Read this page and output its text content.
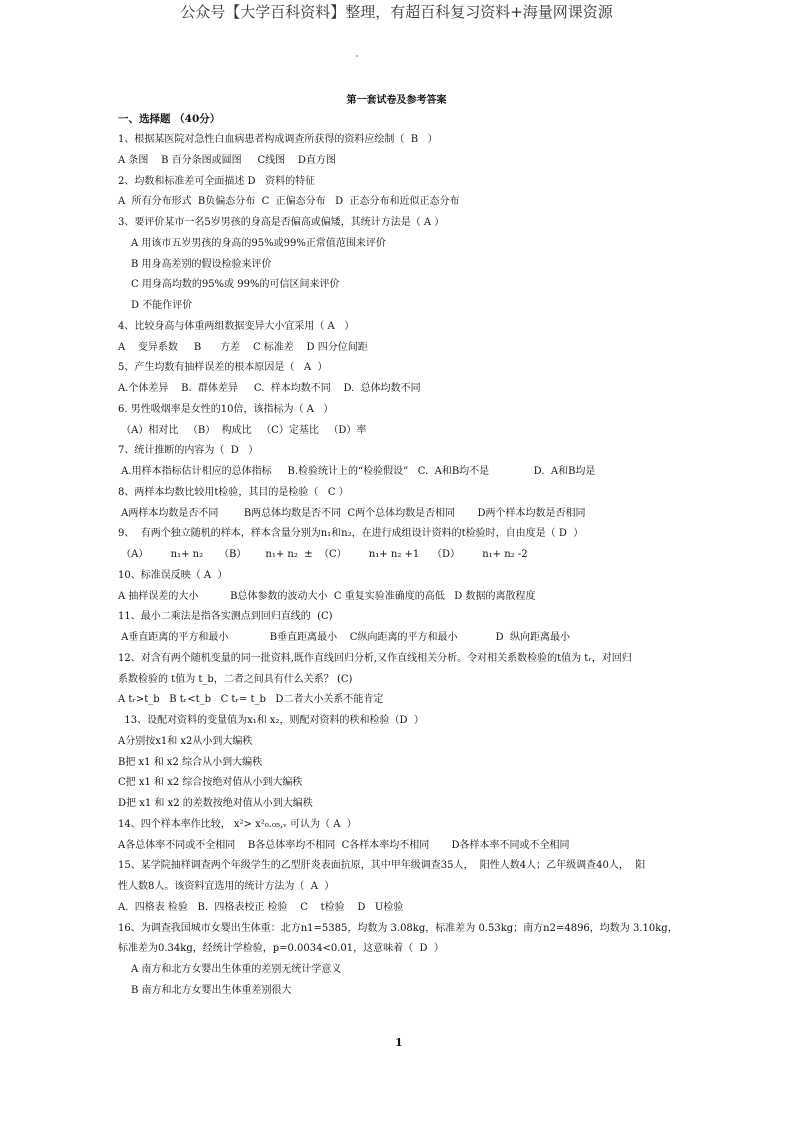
公众号【大学百科资料】整理，有超百科复习资料+海量网课资源
第一套试卷及参考答案
一、选择题 （40分）
1、根据某医院对急性白血病患者构成调查所获得的资料应绘制（  B   ）
A 条图    B 百分条图或圆图     C线图    D直方图
2、均数和标准差可全面描述 D   资料的特征
A  所有分布形式  B负偏态分布  C  正偏态分布   D  正态分布和近似正态分布
3、要评价某市一名5岁男孩的身高是否偏高或偏矮，其统计方法是（ A ）
A 用该市五岁男孩的身高的95%或99%正常值范围来评价
B 用身高差别的假设检验来评价
C 用身高均数的95%或 99%的可信区间来评价
D 不能作评价
4、比较身高与体重两组数据变异大小宜采用（ A   ）
A    变异系数     B      方差    C 标准差    D 四分位间距
5、产生均数有抽样误差的根本原因是（   A  ）
A.个体差异    B.  群体差异     C.  样本均数不同    D.  总体均数不同
6. 男性吸烟率是女性的10倍，该指标为（ A   ）
（A）相对比   （B）  构成比   （C）定基比   （D）率
7、统计推断的内容为（  D   ）
A.用样本指标估计相应的总体指标     B.检验统计上的“检验假设”   C.  A和B均不是              D.  A和B均是
8、两样本均数比较用t检验，其目的是检验（   C ）
A两样本均数是否不同        B两总体均数是否不同  C两个总体均数是否相同       D两个样本均数是否相同
9、  有两个独立随机的样本，样本含量分别为n₁和n₂，在进行成组设计资料的t检验时，自由度是（ D  ）
（A）       n₁+ n₂     （B）      n₁+ n₂  ±  （C）       n₁+ n₂ +1    （D）       n₁+ n₂ -2
10、标准误反映（ A  ）
A 抽样误差的大小          B总体参数的波动大小  C 重复实验准确度的高低   D 数据的离散程度
11、最小二乘法是指各实测点到回归直线的  (C)
A垂直距离的平方和最小             B垂直距离最小    C纵向距离的平方和最小            D  纵向距离最小
12、对含有两个随机变量的同一批资料,既作直线回归分析,又作直线相关分析。令对相关系数检验的t值为 tᵣ，对回归
系数检验的 t值为 t_b，二者之间具有什么关系？ (C)
A tᵣ>t_b   B tᵣ<t_b   C tᵣ= t_b   D二者大小关系不能肯定
13、设配对资料的变量值为x₁和 x₂，则配对资料的秩和检验（D  ）
A分别按x1和 x2从小到大编秩
B把 x1 和 x2 综合从小到大编秩
C把 x1 和 x2 综合按绝对值从小到大编秩
D把 x1 和 x2 的差数按绝对值从小到大编秩
14、四个样本率作比较， x²> x²₀.₀₅,ᵥ 可认为（ A  ）
A各总体率不同或不全相同    B各总体率均不相同  C各样本率均不相同       D各样本率不同或不全相同
15、某学院抽样调查两个年级学生的乙型肝炎表面抗原，其中甲年级调查35人，  阳性人数4人；乙年级调查40人，  阳
性人数8人。该资料宜选用的统计方法为（  A  ）
A.  四格表 检验   B.  四格表校正 检验    C    t检验    D   U检验
16、为调查我国城市女婴出生体重：北方n1=5385，均数为 3.08kg，标准差为 0.53kg；南方n2=4896，均数为 3.10kg，
标准差为0.34kg，经统计学检验，p=0.0034<0.01，这意味着（  D  ）
A 南方和北方女婴出生体重的差别无统计学意义
B 南方和北方女婴出生体重差别很大
1
